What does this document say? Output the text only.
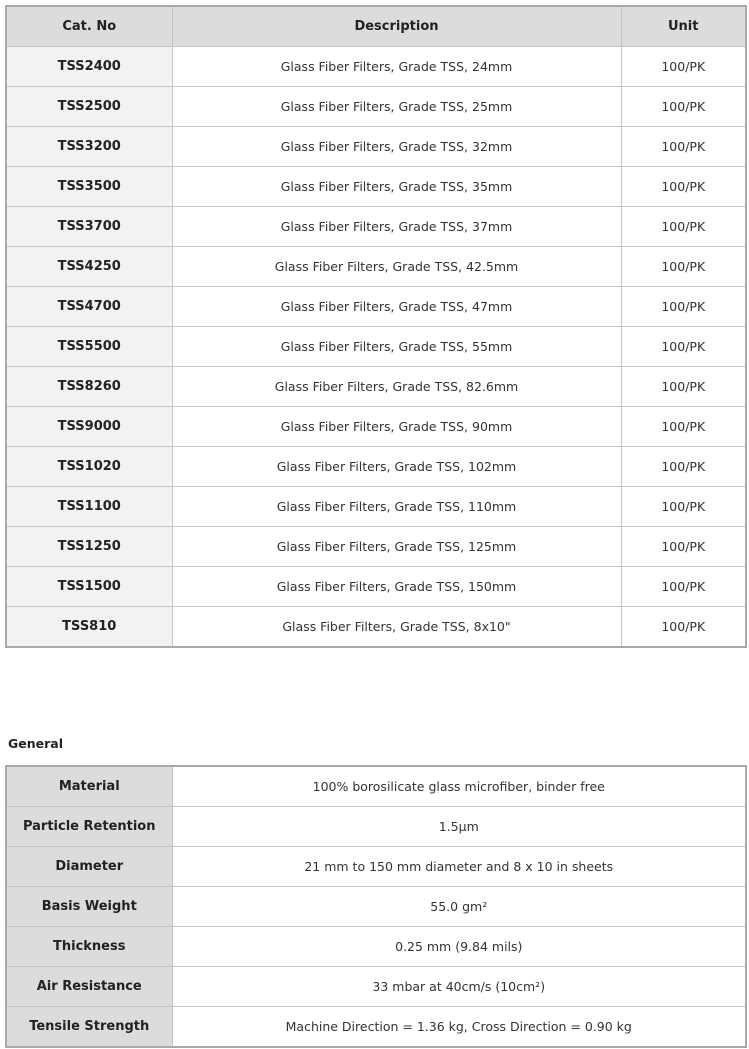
Cat. No	Description	Unit
TSS2400	Glass Fiber Filters, Grade TSS, 24mm	100/PK
TSS2500	Glass Fiber Filters, Grade TSS, 25mm	100/PK
TSS3200	Glass Fiber Filters, Grade TSS, 32mm	100/PK
TSS3500	Glass Fiber Filters, Grade TSS, 35mm	100/PK
TSS3700	Glass Fiber Filters, Grade TSS, 37mm	100/PK
TSS4250	Glass Fiber Filters, Grade TSS, 42.5mm	100/PK
TSS4700	Glass Fiber Filters, Grade TSS, 47mm	100/PK
TSS5500	Glass Fiber Filters, Grade TSS, 55mm	100/PK
TSS8260	Glass Fiber Filters, Grade TSS, 82.6mm	100/PK
TSS9000	Glass Fiber Filters, Grade TSS, 90mm	100/PK
TSS1020	Glass Fiber Filters, Grade TSS, 102mm	100/PK
TSS1100	Glass Fiber Filters, Grade TSS, 110mm	100/PK
TSS1250	Glass Fiber Filters, Grade TSS, 125mm	100/PK
TSS1500	Glass Fiber Filters, Grade TSS, 150mm	100/PK
TSS810	Glass Fiber Filters, Grade TSS, 8x10"	100/PK
General
Material	100% borosilicate glass microfiber, binder free
Particle Retention	1.5μm
Diameter	21 mm to 150 mm diameter and 8 x 10 in sheets
Basis Weight	55.0 gm²
Thickness	0.25 mm (9.84 mils)
Air Resistance	33 mbar at 40cm/s (10cm²)
Tensile Strength	Machine Direction = 1.36 kg, Cross Direction = 0.90 kg
